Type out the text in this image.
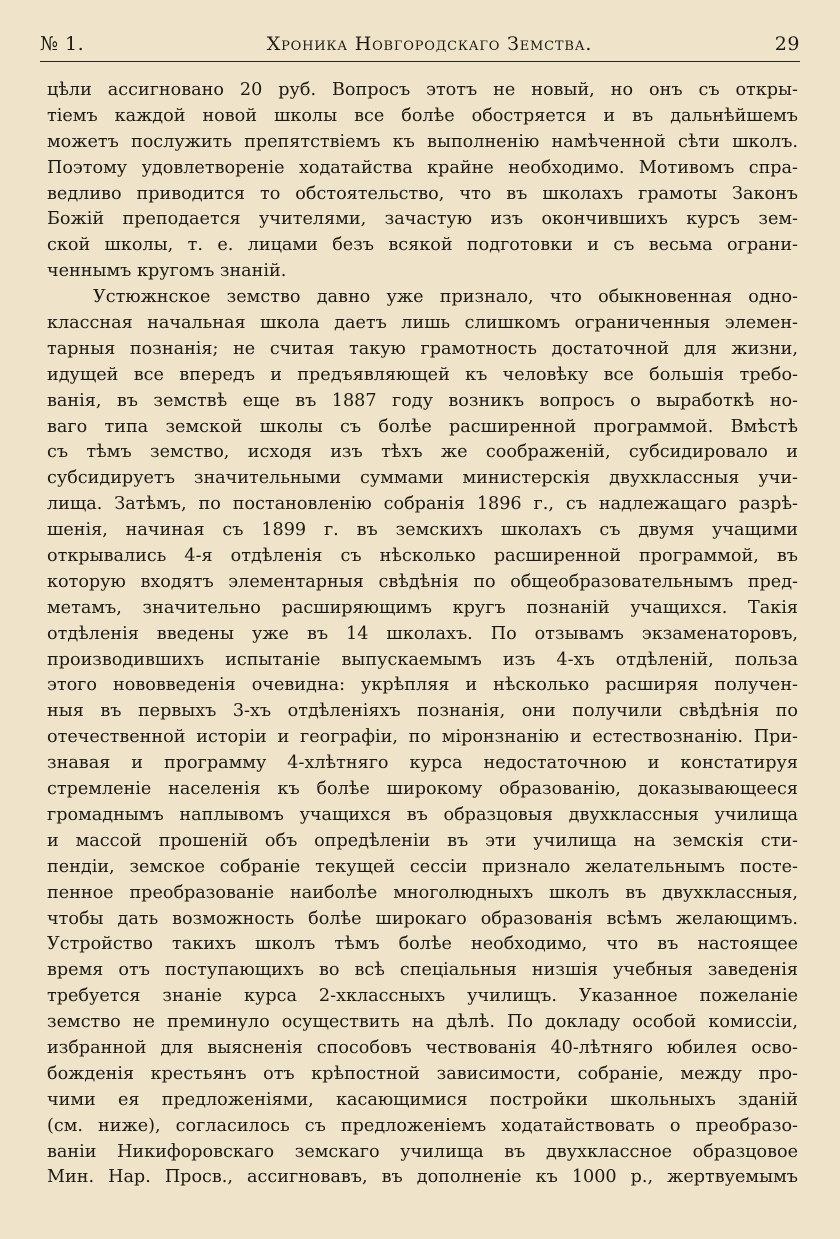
№ 1.	Хроника Новгородскаго Земства.	29
цѣли ассигновано 20 руб. Вопросъ этотъ не новый, но онъ съ откры-
тіемъ каждой новой школы все болѣе обостряется и въ дальнѣйшемъ
можетъ послужить препятствіемъ къ выполненію намѣченной сѣти школъ.
Поэтому удовлетвореніе ходатайства крайне необходимо. Мотивомъ спра-
ведливо приводится то обстоятельство, что въ школахъ грамоты Законъ
Божій преподается учителями, зачастую изъ окончившихъ курсъ зем-
ской школы, т. е. лицами безъ всякой подготовки и съ весьма ограни-
ченнымъ кругомъ знаній.
Устюжнское земство давно уже признало, что обыкновенная одно-
классная начальная школа даетъ лишь слишкомъ ограниченныя элемен-
тарныя познанія; не считая такую грамотность достаточной для жизни,
идущей все впередъ и предъявляющей къ человѣку все большія требо-
ванія, въ земствѣ еще въ 1887 году возникъ вопросъ о выработкѣ но-
ваго типа земской школы съ болѣе расширенной программой. Вмѣстѣ
съ тѣмъ земство, исходя изъ тѣхъ же соображеній, субсидировало и
субсидируетъ значительными суммами министерскія двухклассныя учи-
лища. Затѣмъ, по постановленію собранія 1896 г., съ надлежащаго разрѣ-
шенія, начиная съ 1899 г. въ земскихъ школахъ съ двумя учащими
открывались 4-я отдѣленія съ нѣсколько расширенной программой, въ
которую входятъ элементарныя свѣдѣнія по общеобразовательнымъ пред-
метамъ, значительно расширяющимъ кругъ познаній учащихся. Такія
отдѣленія введены уже въ 14 школахъ. По отзывамъ экзаменаторовъ,
производившихъ испытаніе выпускаемымъ изъ 4-хъ отдѣленій, польза
этого нововведенія очевидна: укрѣпляя и нѣсколько расширяя получен-
ныя въ первыхъ 3-хъ отдѣленіяхъ познанія, они получили свѣдѣнія по
отечественной исторіи и географіи, по міронзнанію и естествознанію. При-
знавая и программу 4-хлѣтняго курса недостаточною и констатируя
стремленіе населенія къ болѣе широкому образованію, доказывающееся
громаднымъ наплывомъ учащихся въ образцовыя двухклассныя училища
и массой прошеній объ опредѣленіи въ эти училища на земскія сти-
пендіи, земское собраніе текущей сессіи признало желательнымъ посте-
пенное преобразованіе наиболѣе многолюдныхъ школъ въ двухклассныя,
чтобы дать возможность болѣе широкаго образованія всѣмъ желающимъ.
Устройство такихъ школъ тѣмъ болѣе необходимо, что въ настоящее
время отъ поступающихъ во всѣ спеціальныя низшія учебныя заведенія
требуется знаніе курса 2-хклассныхъ училищъ. Указанное пожеланіе
земство не преминуло осуществить на дѣлѣ. По докладу особой комиссіи,
избранной для выясненія способовъ чествованія 40-лѣтняго юбилея осво-
божденія крестьянъ отъ крѣпостной зависимости, собраніе, между про-
чими ея предложеніями, касающимися постройки школьныхъ зданій
(см. ниже), согласилось съ предложеніемъ ходатайствовать о преобразо-
ваніи Никифоровскаго земскаго училища въ двухклассное образцовое
Мин. Нар. Просв., ассигновавъ, въ дополненіе къ 1000 р., жертвуемымъ
